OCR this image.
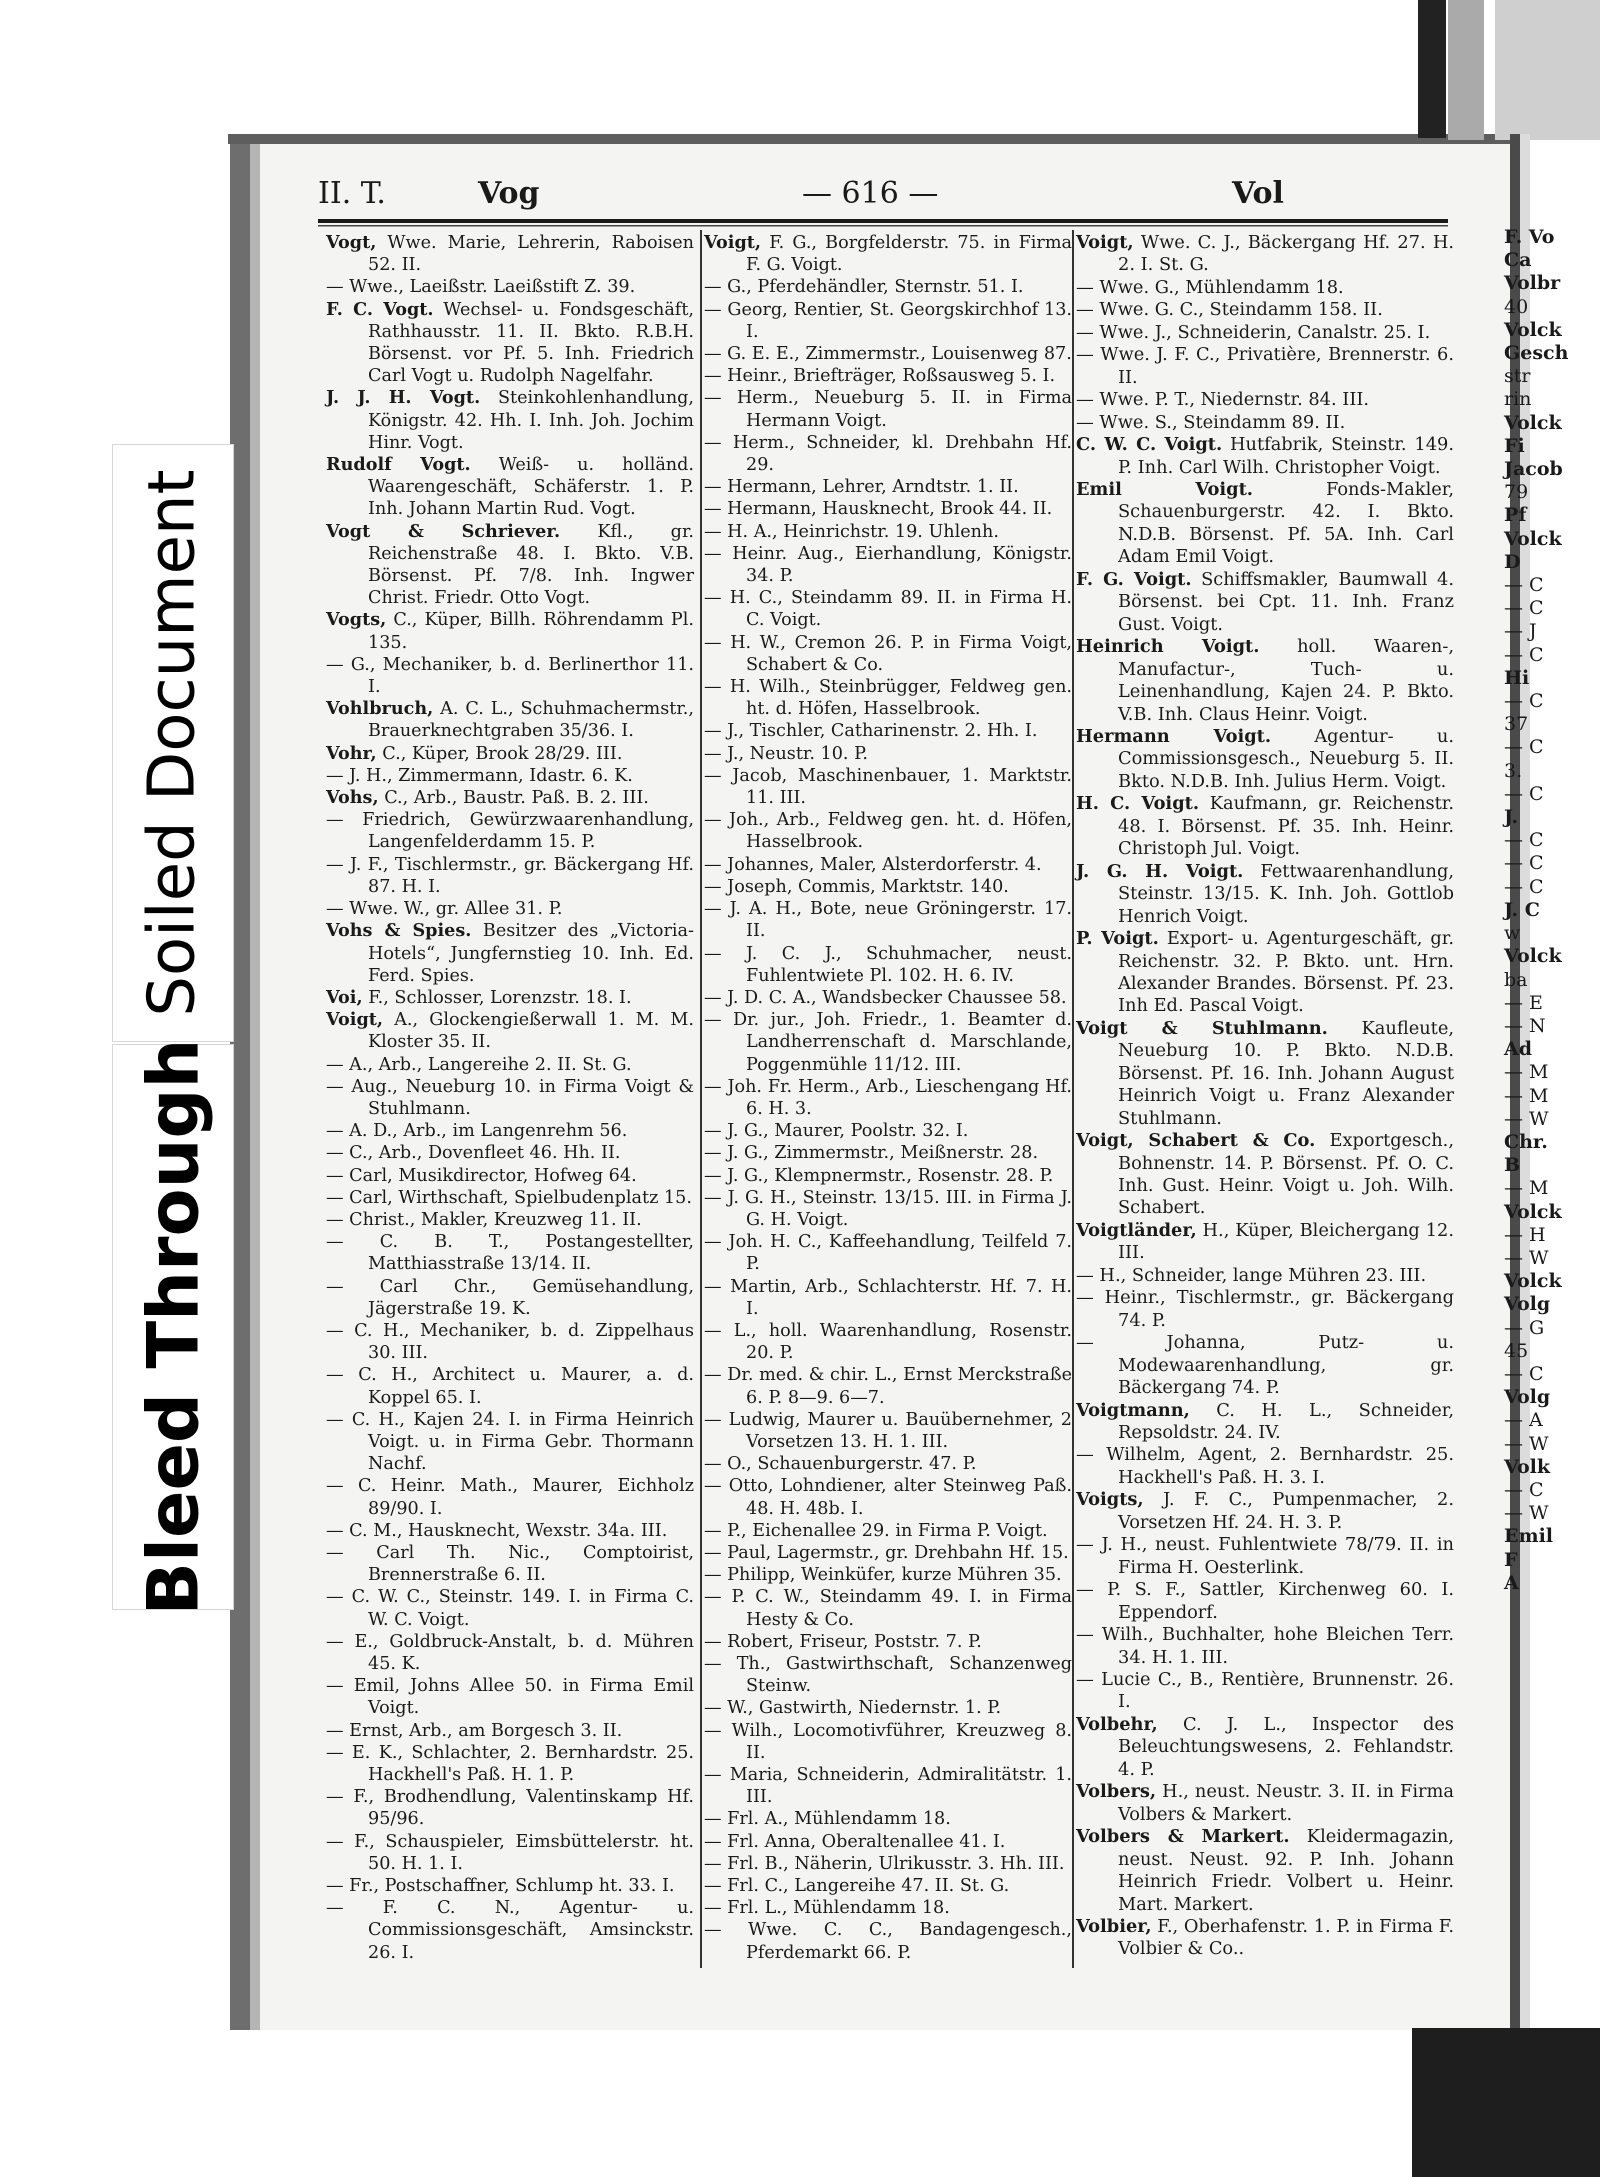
Soiled Document
Bleed Through
II. T.	Vog	— 616 —	Vol
Vogt, Wwe. Marie, Lehrerin, Raboisen 52. II.
— Wwe., Laeißstr. Laeißstift Z. 39.
F. C. Vogt. Wechsel- u. Fondsgeschäft, Rathhausstr. 11. II. Bkto. R.B.H. Börsenst. vor Pf. 5. Inh. Friedrich Carl Vogt u. Rudolph Nagelfahr.
J. J. H. Vogt. Steinkohlenhandlung, Königstr. 42. Hh. I. Inh. Joh. Jochim Hinr. Vogt.
Rudolf Vogt. Weiß- u. holländ. Waarengeschäft, Schäferstr. 1. P. Inh. Johann Martin Rud. Vogt.
Vogt & Schriever. Kfl., gr. Reichenstraße 48. I. Bkto. V.B. Börsenst. Pf. 7/8. Inh. Ingwer Christ. Friedr. Otto Vogt.
Vogts, C., Küper, Billh. Röhrendamm Pl. 135.
— G., Mechaniker, b. d. Berlinerthor 11. I.
Vohlbruch, A. C. L., Schuhmachermstr., Brauerknechtgraben 35/36. I.
Vohr, C., Küper, Brook 28/29. III.
— J. H., Zimmermann, Idastr. 6. K.
Vohs, C., Arb., Baustr. Paß. B. 2. III.
— Friedrich, Gewürzwaarenhandlung, Langenfelderdamm 15. P.
— J. F., Tischlermstr., gr. Bäckergang Hf. 87. H. I.
— Wwe. W., gr. Allee 31. P.
Vohs & Spies. Besitzer des „Victoria-Hotels“, Jungfernstieg 10. Inh. Ed. Ferd. Spies.
Voi, F., Schlosser, Lorenzstr. 18. I.
Voigt, A., Glockengießerwall 1. M. M. Kloster 35. II.
— A., Arb., Langereihe 2. II. St. G.
— Aug., Neueburg 10. in Firma Voigt & Stuhlmann.
— A. D., Arb., im Langenrehm 56.
— C., Arb., Dovenfleet 46. Hh. II.
— Carl, Musikdirector, Hofweg 64.
— Carl, Wirthschaft, Spielbudenplatz 15.
— Christ., Makler, Kreuzweg 11. II.
— C. B. T., Postangestellter, Matthiasstraße 13/14. II.
— Carl Chr., Gemüsehandlung, Jägerstraße 19. K.
— C. H., Mechaniker, b. d. Zippelhaus 30. III.
— C. H., Architect u. Maurer, a. d. Koppel 65. I.
— C. H., Kajen 24. I. in Firma Heinrich Voigt. u. in Firma Gebr. Thormann Nachf.
— C. Heinr. Math., Maurer, Eichholz 89/90. I.
— C. M., Hausknecht, Wexstr. 34a. III.
— Carl Th. Nic., Comptoirist, Brennerstraße 6. II.
— C. W. C., Steinstr. 149. I. in Firma C. W. C. Voigt.
— E., Goldbruck-Anstalt, b. d. Mühren 45. K.
— Emil, Johns Allee 50. in Firma Emil Voigt.
— Ernst, Arb., am Borgesch 3. II.
— E. K., Schlachter, 2. Bernhardstr. 25. Hackhell's Paß. H. 1. P.
— F., Brodhendlung, Valentinskamp Hf. 95/96.
— F., Schauspieler, Eimsbüttelerstr. ht. 50. H. 1. I.
— Fr., Postschaffner, Schlump ht. 33. I.
— F. C. N., Agentur- u. Commissionsgeschäft, Amsinckstr. 26. I.
Voigt, F. G., Borgfelderstr. 75. in Firma F. G. Voigt.
— G., Pferdehändler, Sternstr. 51. I.
— Georg, Rentier, St. Georgskirchhof 13. I.
— G. E. E., Zimmermstr., Louisenweg 87.
— Heinr., Briefträger, Roßsausweg 5. I.
— Herm., Neueburg 5. II. in Firma Hermann Voigt.
— Herm., Schneider, kl. Drehbahn Hf. 29.
— Hermann, Lehrer, Arndtstr. 1. II.
— Hermann, Hausknecht, Brook 44. II.
— H. A., Heinrichstr. 19. Uhlenh.
— Heinr. Aug., Eierhandlung, Königstr. 34. P.
— H. C., Steindamm 89. II. in Firma H. C. Voigt.
— H. W., Cremon 26. P. in Firma Voigt, Schabert & Co.
— H. Wilh., Steinbrügger, Feldweg gen. ht. d. Höfen, Hasselbrook.
— J., Tischler, Catharinenstr. 2. Hh. I.
— J., Neustr. 10. P.
— Jacob, Maschinenbauer, 1. Marktstr. 11. III.
— Joh., Arb., Feldweg gen. ht. d. Höfen, Hasselbrook.
— Johannes, Maler, Alsterdorferstr. 4.
— Joseph, Commis, Marktstr. 140.
— J. A. H., Bote, neue Gröningerstr. 17. II.
— J. C. J., Schuhmacher, neust. Fuhlentwiete Pl. 102. H. 6. IV.
— J. D. C. A., Wandsbecker Chaussee 58.
— Dr. jur., Joh. Friedr., 1. Beamter d. Landherrenschaft d. Marschlande, Poggenmühle 11/12. III.
— Joh. Fr. Herm., Arb., Lieschengang Hf. 6. H. 3.
— J. G., Maurer, Poolstr. 32. I.
— J. G., Zimmermstr., Meißnerstr. 28.
— J. G., Klempnermstr., Rosenstr. 28. P.
— J. G. H., Steinstr. 13/15. III. in Firma J. G. H. Voigt.
— Joh. H. C., Kaffeehandlung, Teilfeld 7. P.
— Martin, Arb., Schlachterstr. Hf. 7. H. I.
— L., holl. Waarenhandlung, Rosenstr. 20. P.
— Dr. med. & chir. L., Ernst Merckstraße 6. P. 8—9. 6—7.
— Ludwig, Maurer u. Bauübernehmer, 2 Vorsetzen 13. H. 1. III.
— O., Schauenburgerstr. 47. P.
— Otto, Lohndiener, alter Steinweg Paß. 48. H. 48b. I.
— P., Eichenallee 29. in Firma P. Voigt.
— Paul, Lagermstr., gr. Drehbahn Hf. 15.
— Philipp, Weinküfer, kurze Mühren 35.
— P. C. W., Steindamm 49. I. in Firma Hesty & Co.
— Robert, Friseur, Poststr. 7. P.
— Th., Gastwirthschaft, Schanzenweg Steinw.
— W., Gastwirth, Niedernstr. 1. P.
— Wilh., Locomotivführer, Kreuzweg 8. II.
— Maria, Schneiderin, Admiralitätstr. 1. III.
— Frl. A., Mühlendamm 18.
— Frl. Anna, Oberaltenallee 41. I.
— Frl. B., Näherin, Ulrikusstr. 3. Hh. III.
— Frl. C., Langereihe 47. II. St. G.
— Frl. L., Mühlendamm 18.
— Wwe. C. C., Bandagengesch., Pferdemarkt 66. P.
Voigt, Wwe. C. J., Bäckergang Hf. 27. H. 2. I. St. G.
— Wwe. G., Mühlendamm 18.
— Wwe. G. C., Steindamm 158. II.
— Wwe. J., Schneiderin, Canalstr. 25. I.
— Wwe. J. F. C., Privatière, Brennerstr. 6. II.
— Wwe. P. T., Niedernstr. 84. III.
— Wwe. S., Steindamm 89. II.
C. W. C. Voigt. Hutfabrik, Steinstr. 149. P. Inh. Carl Wilh. Christopher Voigt.
Emil Voigt.	Fonds-Makler, Schauenburgerstr. 42. I. Bkto. N.D.B. Börsenst. Pf. 5A. Inh. Carl Adam Emil Voigt.
F. G. Voigt. Schiffsmakler, Baumwall 4. Börsenst. bei Cpt. 11. Inh. Franz Gust. Voigt.
Heinrich Voigt. holl. Waaren-, Manufactur-, Tuch- u. Leinenhandlung, Kajen 24. P. Bkto. V.B. Inh. Claus Heinr. Voigt.
Hermann Voigt. Agentur- u. Commissionsgesch., Neueburg 5. II. Bkto. N.D.B. Inh. Julius Herm. Voigt.
H. C. Voigt. Kaufmann, gr. Reichenstr. 48. I. Börsenst. Pf. 35. Inh. Heinr. Christoph Jul. Voigt.
J. G. H. Voigt. Fettwaarenhandlung, Steinstr. 13/15. K. Inh. Joh. Gottlob Henrich Voigt.
P. Voigt. Export- u. Agenturgeschäft, gr. Reichenstr. 32. P. Bkto. unt. Hrn. Alexander Brandes. Börsenst. Pf. 23. Inh Ed. Pascal Voigt.
Voigt & Stuhlmann. Kaufleute, Neueburg 10. P. Bkto. N.D.B. Börsenst. Pf. 16. Inh. Johann August Heinrich Voigt u. Franz Alexander Stuhlmann.
Voigt, Schabert & Co. Exportgesch., Bohnenstr. 14. P. Börsenst. Pf. O. C. Inh. Gust. Heinr. Voigt u. Joh. Wilh. Schabert.
Voigtländer, H., Küper, Bleichergang 12. III.
— H., Schneider, lange Mühren 23. III.
— Heinr., Tischlermstr., gr. Bäckergang 74. P.
— Johanna, Putz- u. Modewaarenhandlung, gr. Bäckergang 74. P.
Voigtmann, C. H. L., Schneider, Repsoldstr. 24. IV.
— Wilhelm, Agent, 2. Bernhardstr. 25. Hackhell's Paß. H. 3. I.
Voigts, J. F. C., Pumpenmacher, 2. Vorsetzen Hf. 24. H. 3. P.
— J. H., neust. Fuhlentwiete 78/79. II. in Firma H. Oesterlink.
— P. S. F., Sattler, Kirchenweg 60. I. Eppendorf.
— Wilh., Buchhalter, hohe Bleichen Terr. 34. H. 1. III.
— Lucie C., B., Rentière, Brunnenstr. 26. I.
Volbehr, C. J. L., Inspector des Beleuchtungswesens, 2. Fehlandstr. 4. P.
Volbers, H., neust. Neustr. 3. II. in Firma Volbers & Markert.
Volbers & Markert. Kleidermagazin, neust. Neust. 92. P. Inh. Johann Heinrich Friedr. Volbert u. Heinr. Mart. Markert.
Volbier, F., Oberhafenstr. 1. P. in Firma F. Volbier & Co..
F. Vo
Ca
Volbr
40
Volck
Gesch
str
rin
Volck
Fi
Jacob
79
Pf
Volck
D
— C
— C
— J
— C
Hi
— C
37
— C
3.
— C
J.
— C
— C
— C
J. C
w
Volck
ba
— E
— N
Ad
— M
— M
— W
Chr.
B
— M
Volck
— H
— W
Volck
Volg
— G
45
— C
Volg
— A
— W
Volk
— C
— W
Emil
F
A
